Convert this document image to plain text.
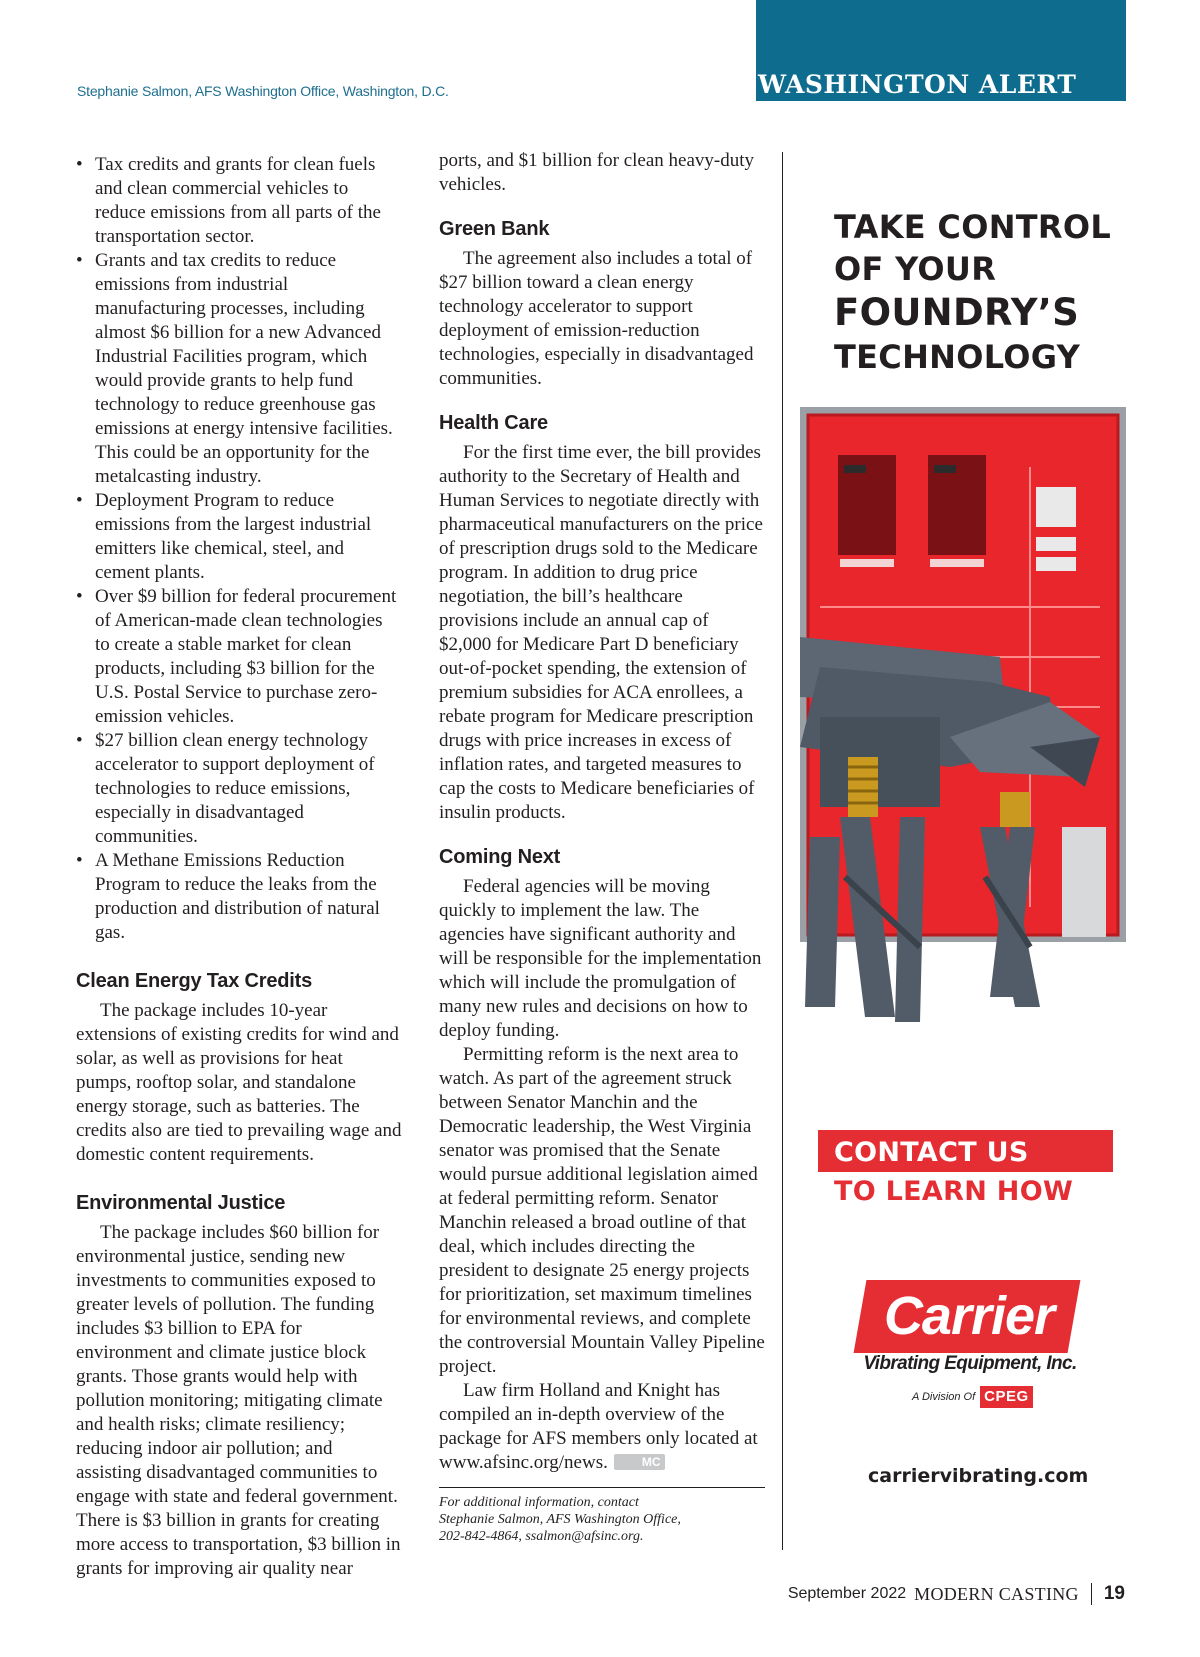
WASHINGTON ALERT
Stephanie Salmon, AFS Washington Office, Washington, D.C.
• Tax credits and grants for clean fuels and clean commercial vehicles to reduce emissions from all parts of the transportation sector.
• Grants and tax credits to reduce emissions from industrial manufacturing processes, including almost $6 billion for a new Advanced Industrial Facilities program, which would provide grants to help fund technology to reduce greenhouse gas emissions at energy intensive facilities. This could be an opportunity for the metalcasting industry.
• Deployment Program to reduce emissions from the largest industrial emitters like chemical, steel, and cement plants.
• Over $9 billion for federal procurement of American-made clean technologies to create a stable market for clean products, including $3 billion for the U.S. Postal Service to purchase zero-emission vehicles.
• $27 billion clean energy technology accelerator to support deployment of technologies to reduce emissions, especially in disadvantaged communities.
• A Methane Emissions Reduction Program to reduce the leaks from the production and distribution of natural gas.
Clean Energy Tax Credits

The package includes 10-year extensions of existing credits for wind and solar, as well as provisions for heat pumps, rooftop solar, and standalone energy storage, such as batteries. The credits also are tied to prevailing wage and domestic content requirements.

Environmental Justice

The package includes $60 billion for environmental justice, sending new investments to communities exposed to greater levels of pollution. The funding includes $3 billion to EPA for environment and climate justice block grants. Those grants would help with pollution monitoring; mitigating climate and health risks; climate resiliency; reducing indoor air pollution; and assisting disadvantaged communities to engage with state and federal government. There is $3 billion in grants for creating more access to transportation, $3 billion in grants for improving air quality near

ports, and $1 billion for clean heavy-duty vehicles.

Green Bank

The agreement also includes a total of $27 billion toward a clean energy technology accelerator to support deployment of emission-reduction technologies, especially in disadvantaged communities.

Health Care

For the first time ever, the bill provides authority to the Secretary of Health and Human Services to negotiate directly with pharmaceutical manufacturers on the price of prescription drugs sold to the Medicare program. In addition to drug price negotiation, the bill’s healthcare provisions include an annual cap of $2,000 for Medicare Part D beneficiary out-of-pocket spending, the extension of premium subsidies for ACA enrollees, a rebate program for Medicare prescription drugs with price increases in excess of inflation rates, and targeted measures to cap the costs to Medicare beneficiaries of insulin products.

Coming Next

Federal agencies will be moving quickly to implement the law. The agencies have significant authority and will be responsible for the implementation which will include the promulgation of many new rules and decisions on how to deploy funding.

Permitting reform is the next area to watch. As part of the agreement struck between Senator Manchin and the Democratic leadership, the West Virginia senator was promised that the Senate would pursue additional legislation aimed at federal permitting reform. Senator Manchin released a broad outline of that deal, which includes directing the president to designate 25 energy projects for prioritization, set maximum timelines for environmental reviews, and complete the controversial Mountain Valley Pipeline project.

Law firm Holland and Knight has compiled an in-depth overview of the package for AFS members only located at www.afsinc.org/news.	MC

For additional information, contact
Stephanie Salmon, AFS Washington Office,
202-842-4864, ssalmon@afsinc.org.
TAKE CONTROL
OF YOUR
FOUNDRY’S
TECHNOLOGY
CONTACT US
TO LEARN HOW
Carrier
Vibrating Equipment, Inc.
A Division Of CPEG
carriervibrating.com
September 2022 MODERN CASTING 19
